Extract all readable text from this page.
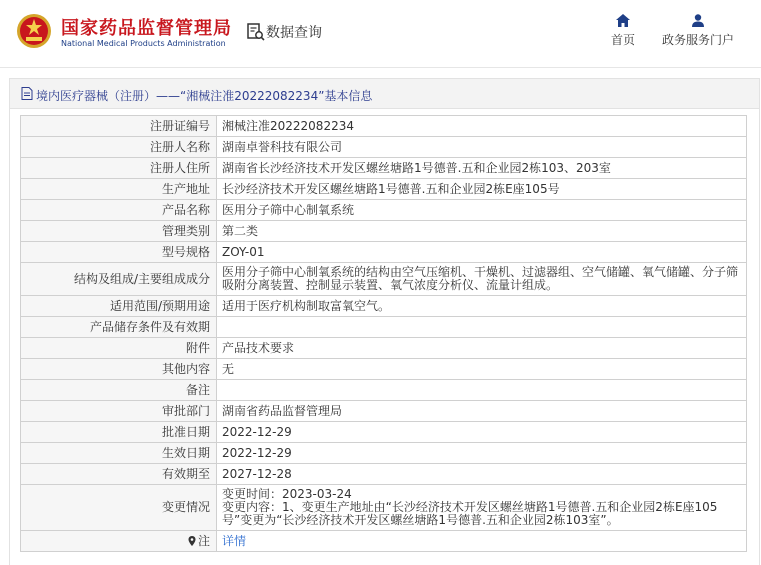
国家药品监督管理局
National Medical Products Administration
数据查询	首页	政务服务门户
境内医疗器械（注册）——“湘械注准20222082234”基本信息
注册证编号	湘械注准20222082234
注册人名称	湖南卓誉科技有限公司
注册人住所	湖南省长沙经济技术开发区螺丝塘路1号德普.五和企业园2栋103、203室
生产地址	长沙经济技术开发区螺丝塘路1号德普.五和企业园2栋E座105号
产品名称	医用分子筛中心制氧系统
管理类别	第二类
型号规格	ZOY-01
结构及组成/主要组成成分	医用分子筛中心制氧系统的结构由空气压缩机、干燥机、过滤器组、空气储罐、氧气储罐、分子筛吸附分离装置、控制显示装置、氧气浓度分析仪、流量计组成。
适用范围/预期用途	适用于医疗机构制取富氧空气。
产品储存条件及有效期	
附件	产品技术要求
其他内容	无
备注	
审批部门	湖南省药品监督管理局
批准日期	2022-12-29
生效日期	2022-12-29
有效期至	2027-12-28
变更情况	变更时间：2023-03-24
变更内容：1、变更生产地址由“长沙经济技术开发区螺丝塘路1号德普.五和企业园2栋E座105号”变更为“长沙经济技术开发区螺丝塘路1号德普.五和企业园2栋103室”。

注	详情
